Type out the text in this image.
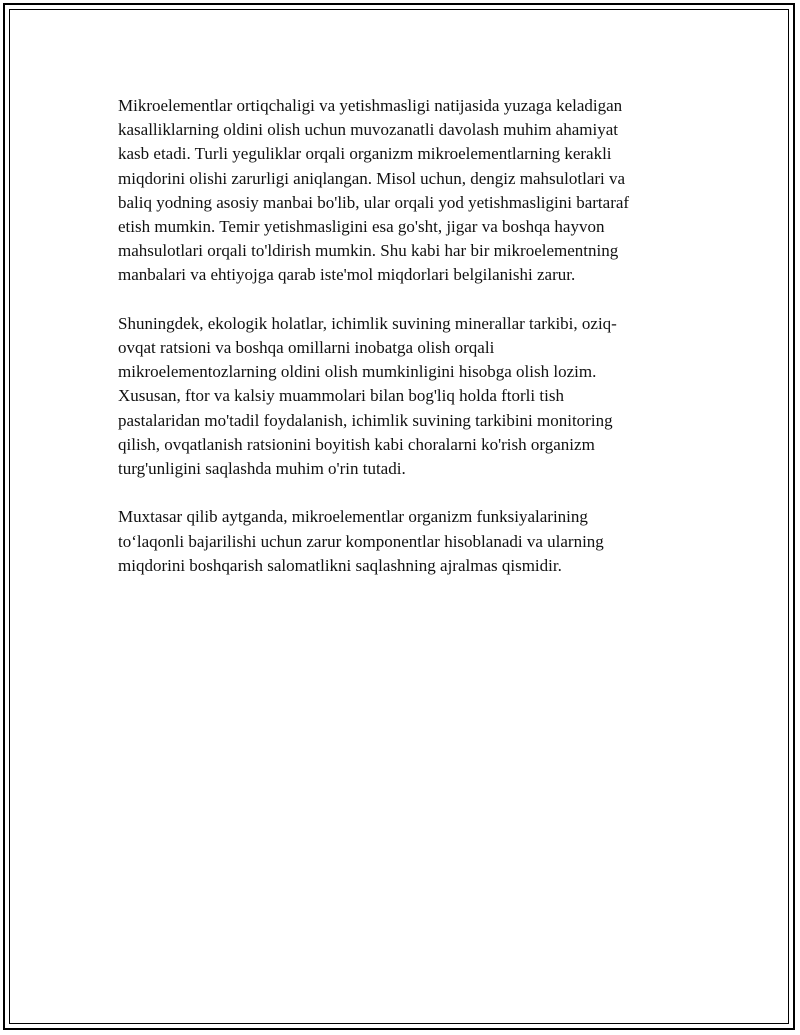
Mikroelementlar ortiqchaligi va yetishmasligi natijasida yuzaga keladigan
kasalliklarning oldini olish uchun muvozanatli davolash muhim ahamiyat
kasb etadi. Turli yeguliklar orqali organizm mikroelementlarning kerakli
miqdorini olishi zarurligi aniqlangan. Misol uchun, dengiz mahsulotlari va
baliq yodning asosiy manbai bo'lib, ular orqali yod yetishmasligini bartaraf
etish mumkin. Temir yetishmasligini esa go'sht, jigar va boshqa hayvon
mahsulotlari orqali to'ldirish mumkin. Shu kabi har bir mikroelementning
manbalari va ehtiyojga qarab iste'mol miqdorlari belgilanishi zarur.

Shuningdek, ekologik holatlar, ichimlik suvining minerallar tarkibi, oziq-
ovqat ratsioni va boshqa omillarni inobatga olish orqali
mikroelementozlarning oldini olish mumkinligini hisobga olish lozim.
Xususan, ftor va kalsiy muammolari bilan bog'liq holda ftorli tish
pastalaridan mo'tadil foydalanish, ichimlik suvining tarkibini monitoring
qilish, ovqatlanish ratsionini boyitish kabi choralarni ko'rish organizm
turg'unligini saqlashda muhim o'rin tutadi.

Muxtasar qilib aytganda, mikroelementlar organizm funksiyalarining
to‘laqonli bajarilishi uchun zarur komponentlar hisoblanadi va ularning
miqdorini boshqarish salomatlikni saqlashning ajralmas qismidir.
